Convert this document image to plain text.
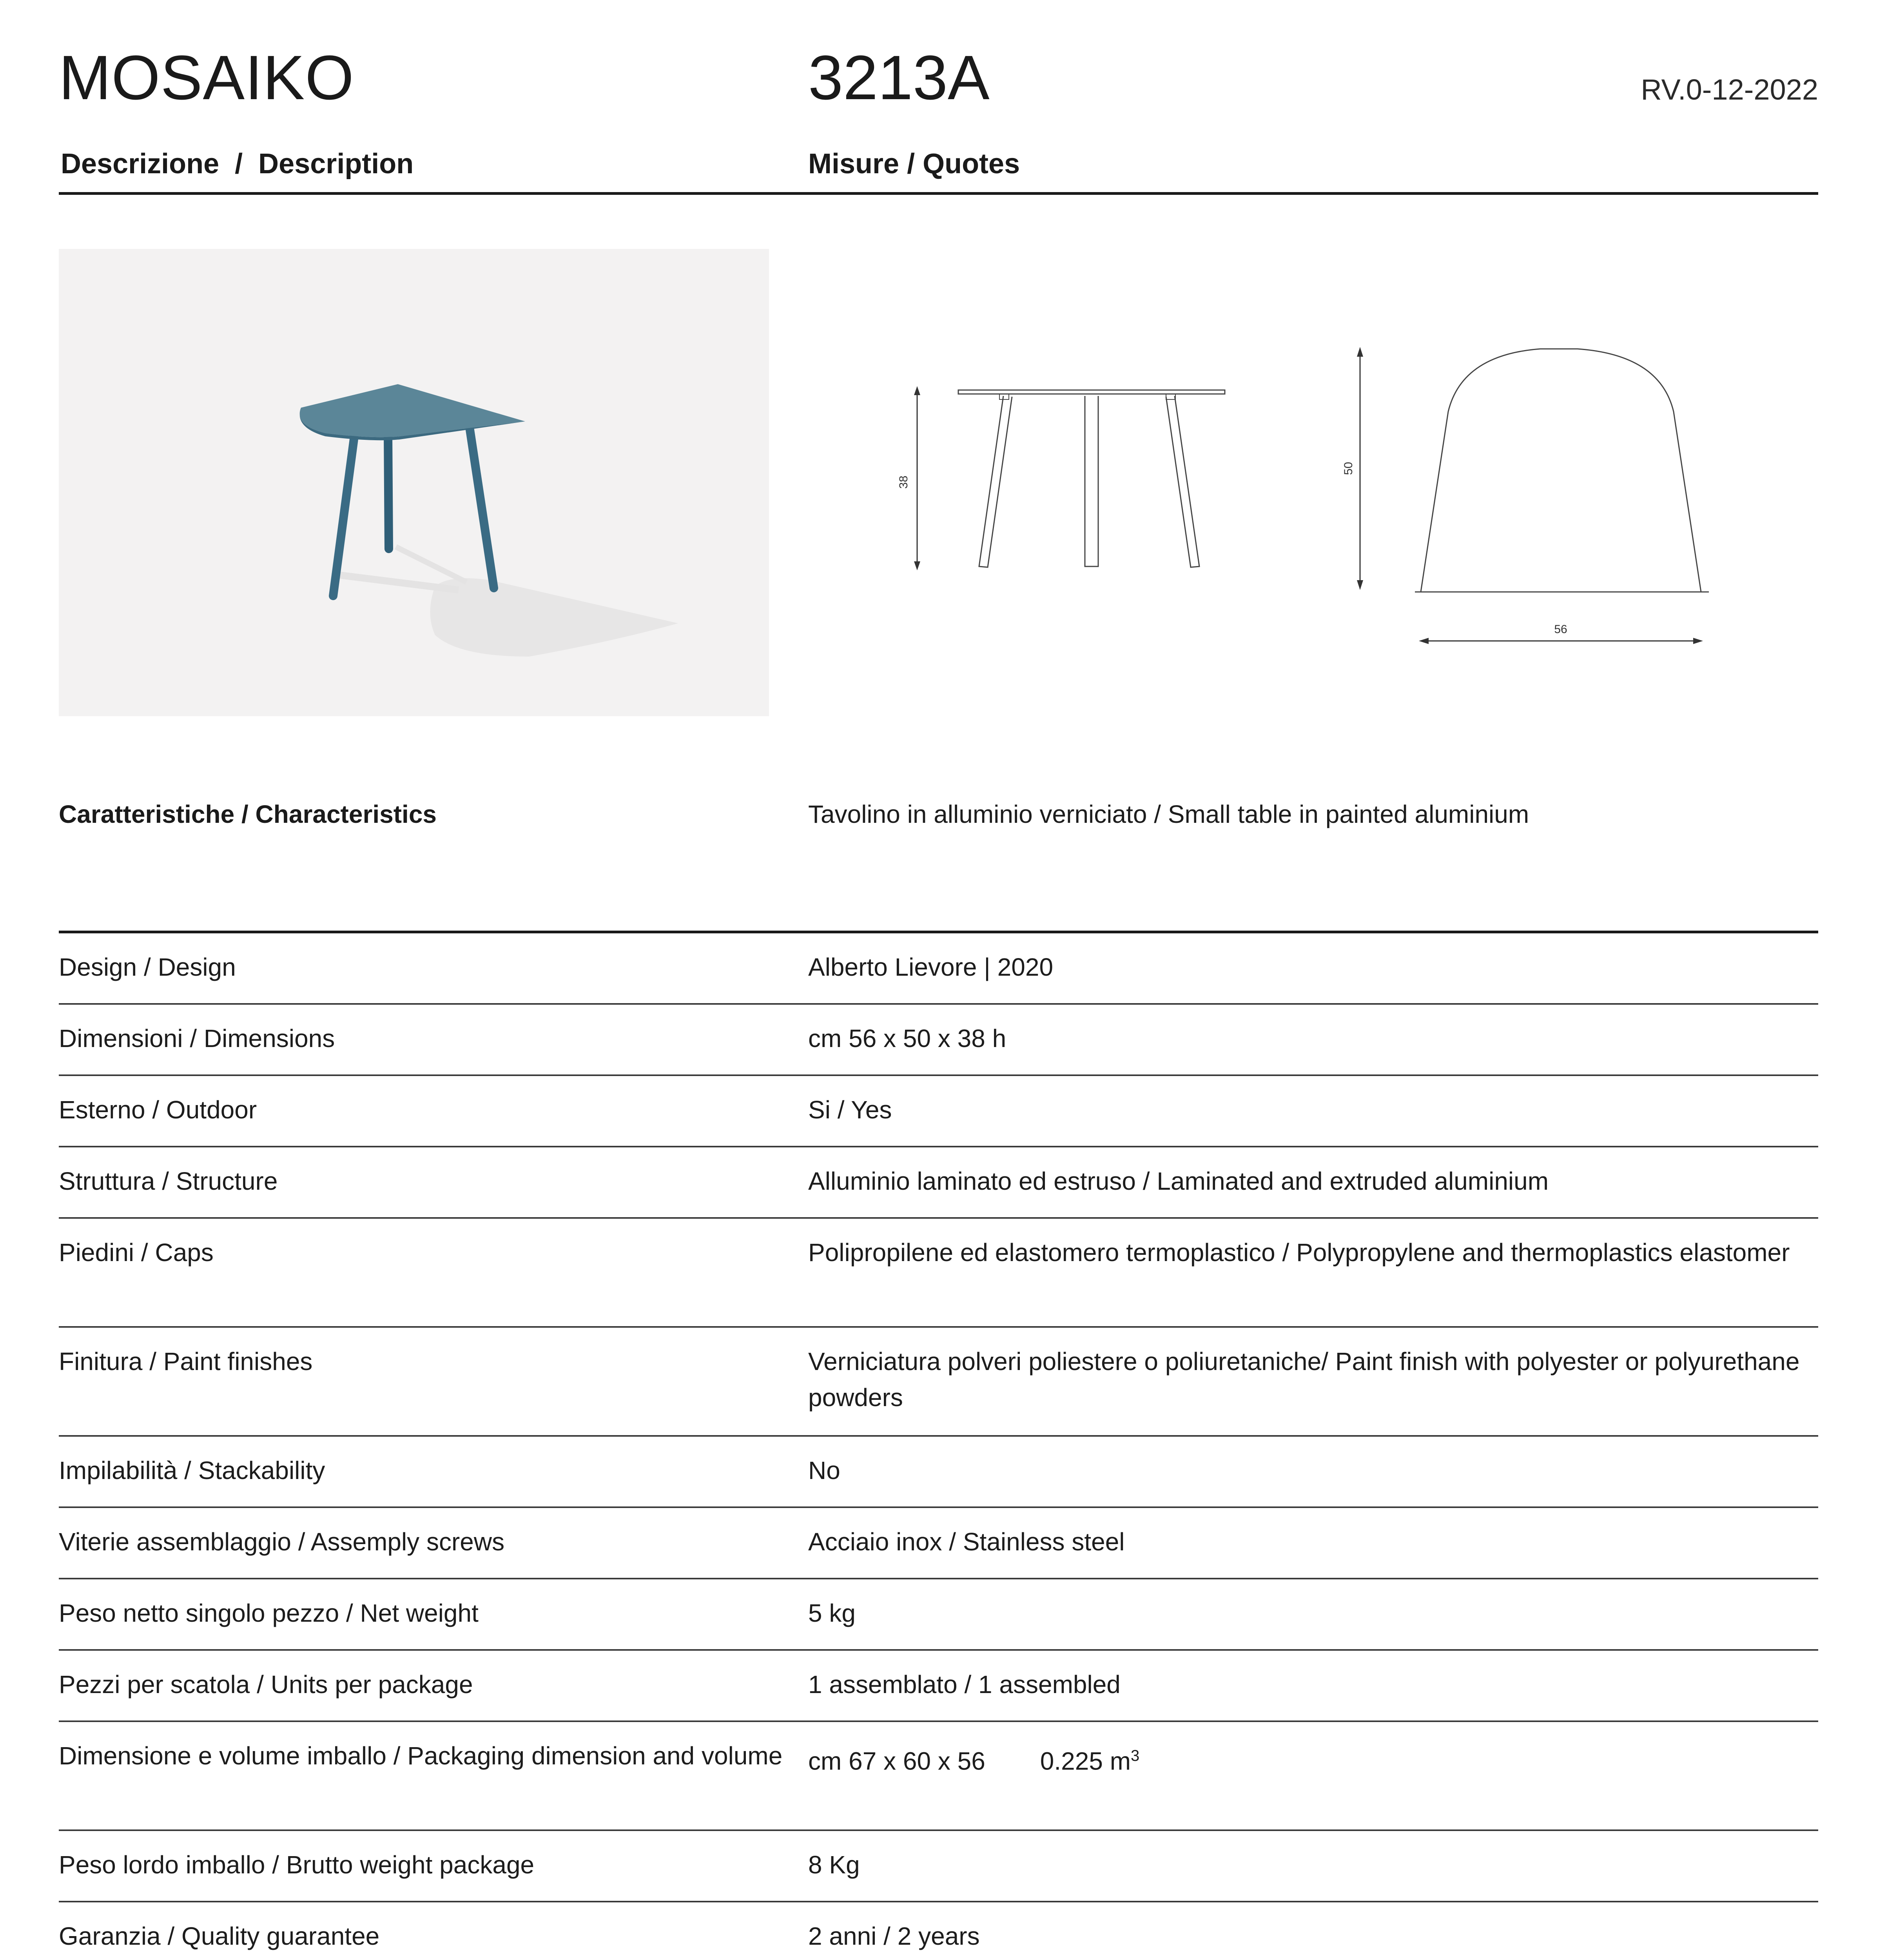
MOSAIKO	3213A	RV.0-12-2022
Descrizione  /  Description	Misure / Quotes
38
50
56
Caratteristiche / Characteristics	Tavolino in alluminio verniciato / Small table in painted aluminium
Design / Design	Alberto Lievore | 2020
Dimensioni / Dimensions	cm 56 x 50 x 38 h
Esterno / Outdoor	Si / Yes
Struttura / Structure	Alluminio laminato ed estruso / Laminated and extruded aluminium
Piedini / Caps	Polipropilene ed elastomero termoplastico / Polypropylene and thermoplastics elastomer
Finitura / Paint finishes	Verniciatura polveri poliestere o poliuretaniche/ Paint finish with polyester or polyurethane powders
Impilabilità / Stackability	No
Viterie assemblaggio / Assemply screws	Acciaio inox / Stainless steel
Peso netto singolo pezzo / Net weight	5 kg
Pezzi per scatola / Units per package	1 assemblato / 1 assembled
Dimensione e volume imballo / Packaging dimension and volume	cm 67 x 60 x 56 0.225 $m^3$
Peso lordo imballo / Brutto weight package	8 Kg
Garanzia / Quality guarantee	2 anni / 2 years
